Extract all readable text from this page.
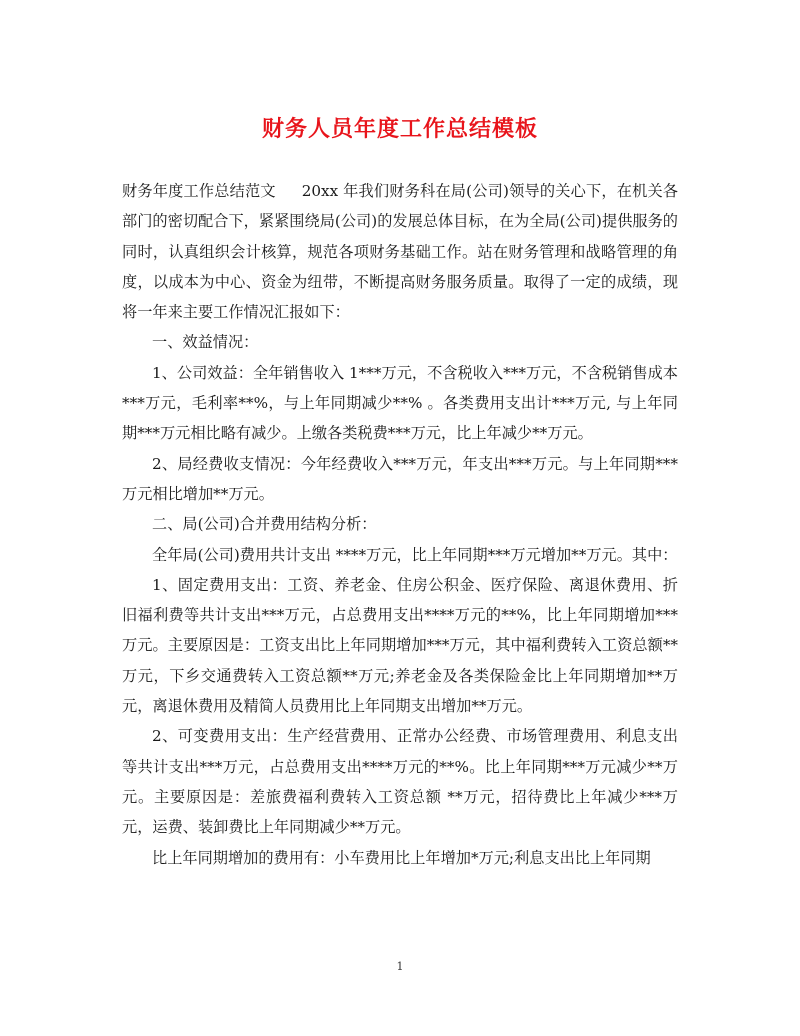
财务人员年度工作总结模板

财务年度工作总结范文 20xx 年我们财务科在局(公司)领导的关心下，在机关各部门的密切配合下，紧紧围绕局(公司)的发展总体目标，在为全局(公司)提供服务的同时，认真组织会计核算，规范各项财务基础工作。站在财务管理和战略管理的角度，以成本为中心、资金为纽带，不断提高财务服务质量。取得了一定的成绩，现将一年来主要工作情况汇报如下：

一、效益情况：

1、公司效益：全年销售收入 1***万元，不含税收入***万元，不含税销售成本***万元，毛利率**%，与上年同期减少**% 。各类费用支出计***万元, 与上年同期***万元相比略有减少。上缴各类税费***万元，比上年减少**万元。

2、局经费收支情况：今年经费收入***万元，年支出***万元。与上年同期***万元相比增加**万元。

二、局(公司)合并费用结构分析：

全年局(公司)费用共计支出 ****万元，比上年同期***万元增加**万元。其中：

1、固定费用支出：工资、养老金、住房公积金、医疗保险、离退休费用、折旧福利费等共计支出***万元，占总费用支出****万元的**%，比上年同期增加***万元。主要原因是：工资支出比上年同期增加***万元，其中福利费转入工资总额**万元，下乡交通费转入工资总额**万元;养老金及各类保险金比上年同期增加**万元，离退休费用及精简人员费用比上年同期支出增加**万元。

2、可变费用支出：生产经营费用、正常办公经费、市场管理费用、利息支出等共计支出***万元，占总费用支出****万元的**%。比上年同期***万元减少**万元。主要原因是：差旅费福利费转入工资总额 **万元，招待费比上年减少***万元，运费、装卸费比上年同期减少**万元。

比上年同期增加的费用有：小车费用比上年增加*万元;利息支出比上年同期

1
